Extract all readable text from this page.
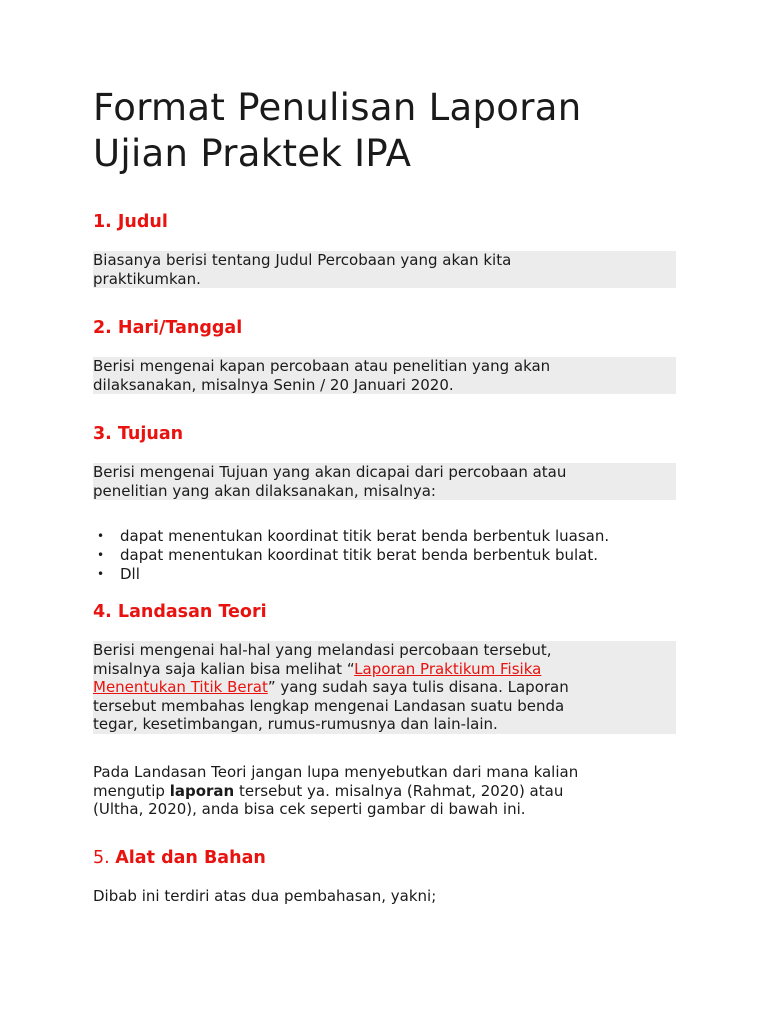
Format Penulisan Laporan
Ujian Praktek IPA
1. Judul
Biasanya berisi tentang Judul Percobaan yang akan kita
praktikumkan.
2. Hari/Tanggal
Berisi mengenai kapan percobaan atau penelitian yang akan
dilaksanakan, misalnya Senin / 20 Januari 2020.
3. Tujuan
Berisi mengenai Tujuan yang akan dicapai dari percobaan atau
penelitian yang akan dilaksanakan, misalnya:
• dapat menentukan koordinat titik berat benda berbentuk luasan.
• dapat menentukan koordinat titik berat benda berbentuk bulat.
• Dll
4. Landasan Teori
Berisi mengenai hal-hal yang melandasi percobaan tersebut,
misalnya saja kalian bisa melihat “Laporan Praktikum Fisika
Menentukan Titik Berat” yang sudah saya tulis disana. Laporan
tersebut membahas lengkap mengenai Landasan suatu benda
tegar, kesetimbangan, rumus-rumusnya dan lain-lain.
Pada Landasan Teori jangan lupa menyebutkan dari mana kalian
mengutip laporan tersebut ya. misalnya (Rahmat, 2020) atau
(Ultha, 2020), anda bisa cek seperti gambar di bawah ini.
5. Alat dan Bahan
Dibab ini terdiri atas dua pembahasan, yakni;
